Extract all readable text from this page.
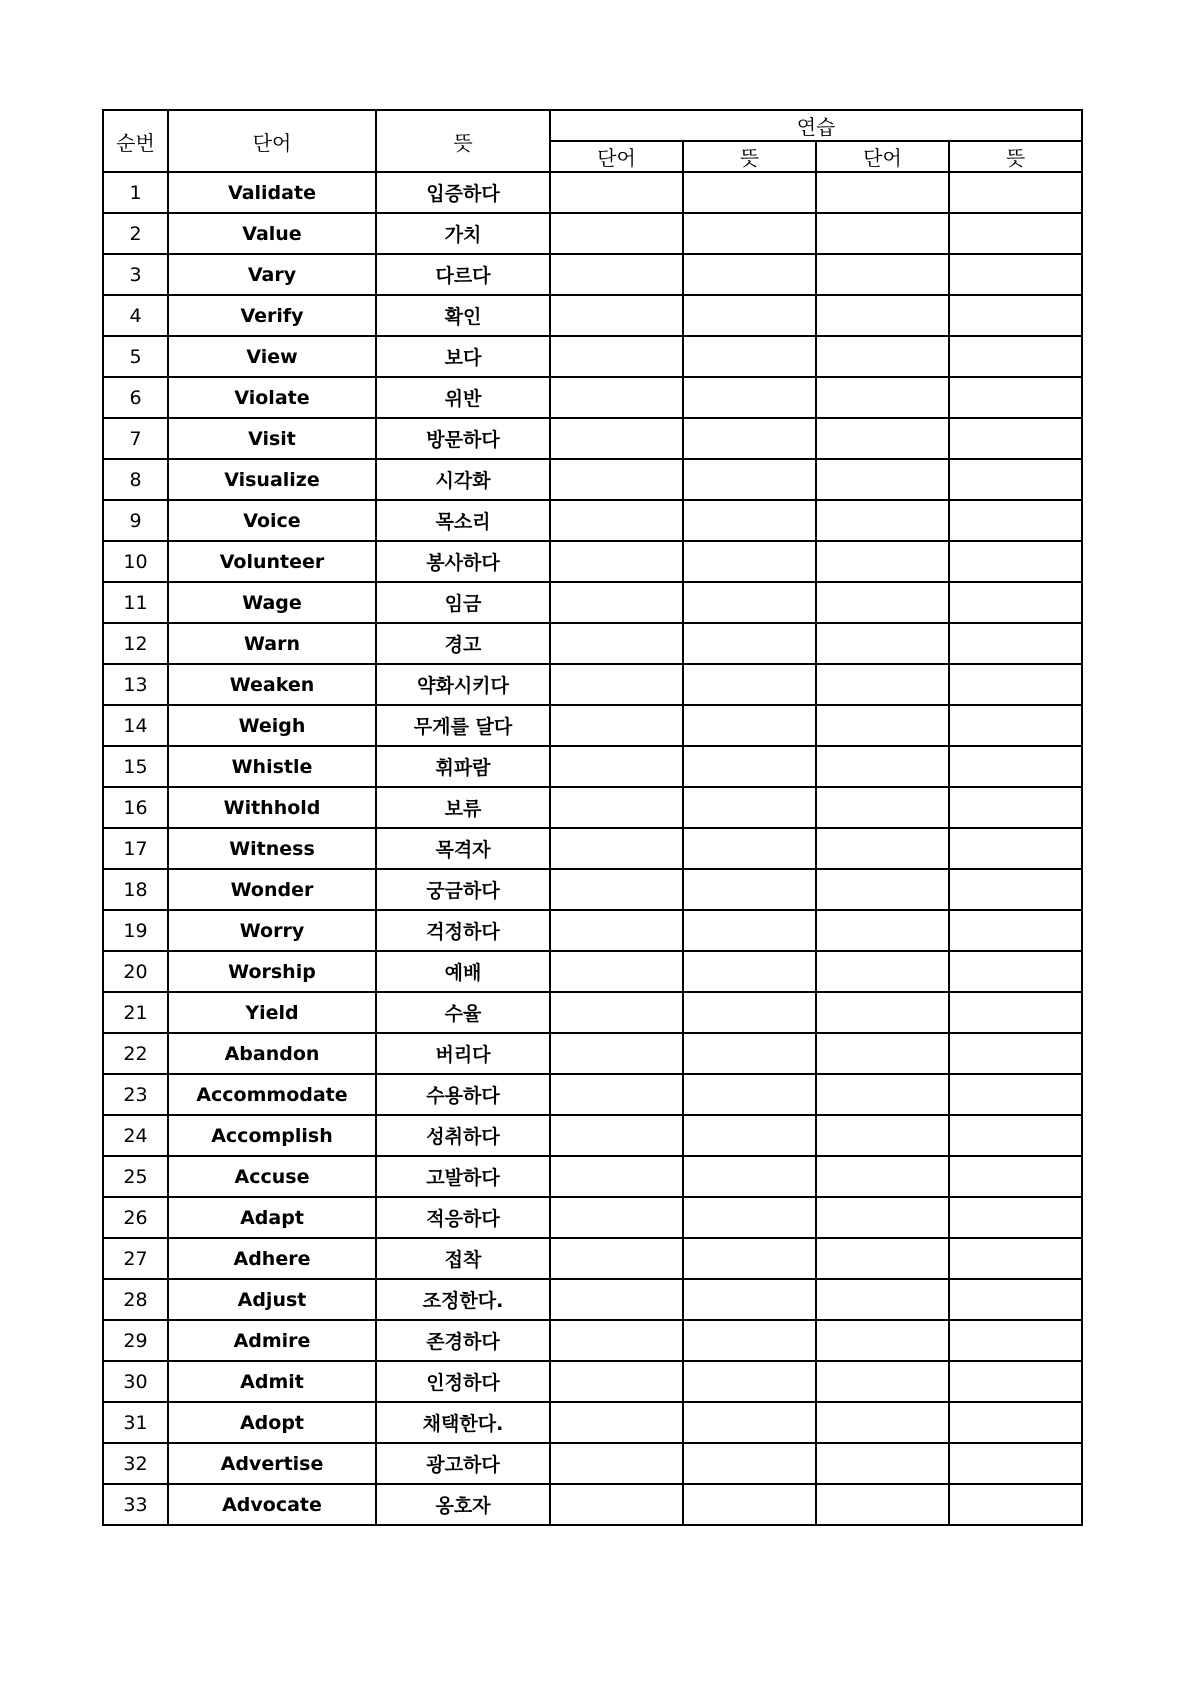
순번	단어	뜻	연습			
			단어	뜻	단어	뜻
1	Validate	입증하다				
2	Value	가치				
3	Vary	다르다				
4	Verify	확인				
5	View	보다				
6	Violate	위반				
7	Visit	방문하다				
8	Visualize	시각화				
9	Voice	목소리				
10	Volunteer	봉사하다				
11	Wage	임금				
12	Warn	경고				
13	Weaken	약화시키다				
14	Weigh	무게를 달다				
15	Whistle	휘파람				
16	Withhold	보류				
17	Witness	목격자				
18	Wonder	궁금하다				
19	Worry	걱정하다				
20	Worship	예배				
21	Yield	수율				
22	Abandon	버리다				
23	Accommodate	수용하다				
24	Accomplish	성취하다				
25	Accuse	고발하다				
26	Adapt	적응하다				
27	Adhere	접착				
28	Adjust	조정한다.				
29	Admire	존경하다				
30	Admit	인정하다				
31	Adopt	채택한다.				
32	Advertise	광고하다				
33	Advocate	옹호자				
